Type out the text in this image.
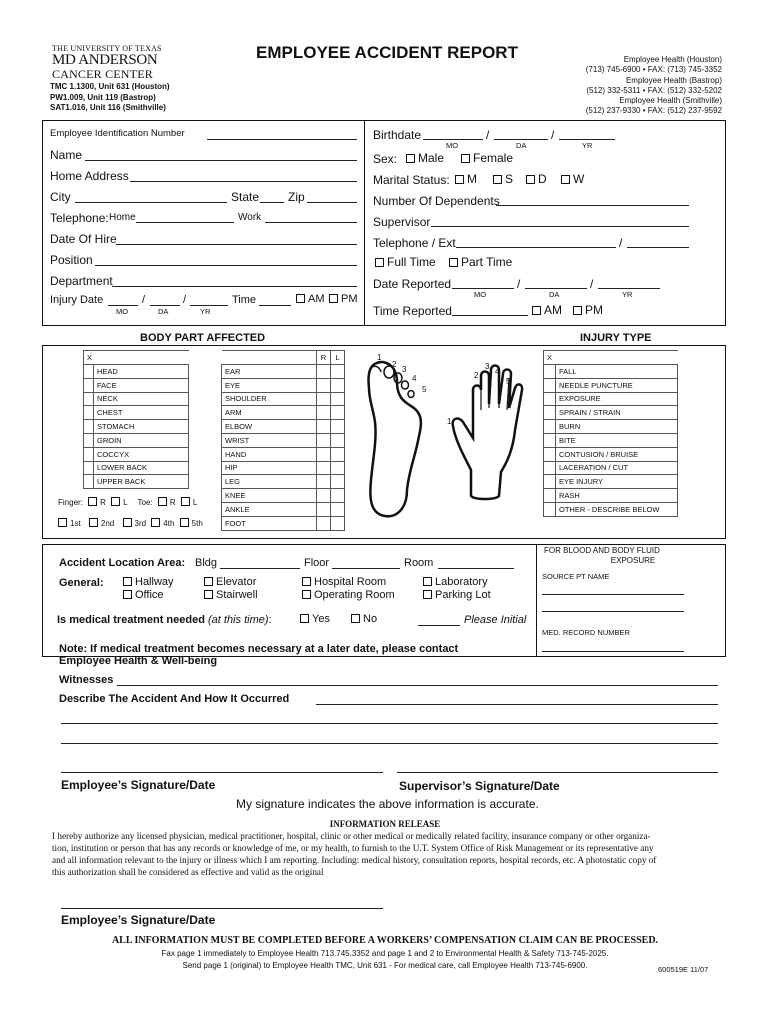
THE UNIVERSITY OF TEXAS
MD ANDERSON
CANCER CENTER
TMC 1.1300, Unit 631 (Houston)
PW1.009, Unit 119 (Bastrop)
SAT1.016, Unit 116 (Smithville)
EMPLOYEE ACCIDENT REPORT	Employee Health (Houston)
(713) 745-6900 • FAX: (713) 745-3352
Employee Health (Bastrop)
(512) 332-5311 • FAX: (512) 332-5202
Employee Health (Smithville)
(512) 237-9330 • FAX: (512) 237-9592
Employee Identification Number
Name
Home Address
City	State Zip
Telephone: Home	Work
Date Of Hire
Position
Department
Injury Date	/	/	Time	AM	PM
MO	DA	YR
Birthdate	/	/
MO	DA	YR
Sex:	Male	Female
Marital Status:	M	S	D	W
Number Of Dependents
Supervisor
Telephone / Ext	/
Full Time	Part Time
Date Reported	/	/
MO	DA	YR
Time Reported	AM	PM
BODY PART AFFECTED	INJURY TYPE
X	
	HEAD
	FACE
	NECK
	CHEST
	STOMACH
	GROIN
	COCCYX
	LOWER BACK
	UPPER BACK
	R	L
EAR		
EYE		
SHOULDER		
ARM		
ELBOW		
WRIST		
HAND		
HIP		
LEG		
KNEE		
ANKLE		
FOOT		
Finger: R L Toe: R L
1st	2nd	3rd 4th 5th
1
2
3
4
5
1
2
3
4
5
X	
	FALL
	NEEDLE PUNCTURE
	EXPOSURE
	SPRAIN / STRAIN
	BURN
	BITE
	CONTUSION / BRUISE
	LACERATION / CUT
	EYE INJURY
	RASH
	OTHER - DESCRIBE BELOW
Accident Location Area: Bldg	Floor	Room
General:	Hallway
Office
Elevator
Stairwell
Hospital Room
Operating Room
Laboratory
Parking Lot
Is medical treatment needed (at this time):	Yes	No	Please Initial
Note: If medical treatment becomes necessary at a later date, please contact
Employee Health & Well-being
FOR BLOOD AND BODY FLUID
EXPOSURE
SOURCE PT NAME
MED. RECORD NUMBER
Witnesses
Describe The Accident And How It Occurred
Employee’s Signature/Date	Supervisor’s Signature/Date
My signature indicates the above information is accurate.
INFORMATION RELEASE
I hereby authorize any licensed physician, medical practitioner, hospital, clinic or other medical or medically related facility, insurance company or other organiza-
tion, institution or person that has any records or knowledge of me, or my health, to furnish to the U.T. System Office of Risk Management or its representative any
and all information relevant to the injury or illness which I am reporting. Including: medical history, consultation reports, hospital records, etc. A photostatic copy of
this authorization shall be considered as effective and valid as the original
Employee’s Signature/Date
ALL INFORMATION MUST BE COMPLETED BEFORE A WORKERS’ COMPENSATION CLAIM CAN BE PROCESSED.
Fax page 1 immediately to Employee Health 713.745.3352 and page 1 and 2 to Environmental Health & Safety 713-745-2025.
Send page 1 (original) to Employee Health TMC, Unit 631 - For medical care, call Employee Health 713-745-6900.	600519E 11/07
